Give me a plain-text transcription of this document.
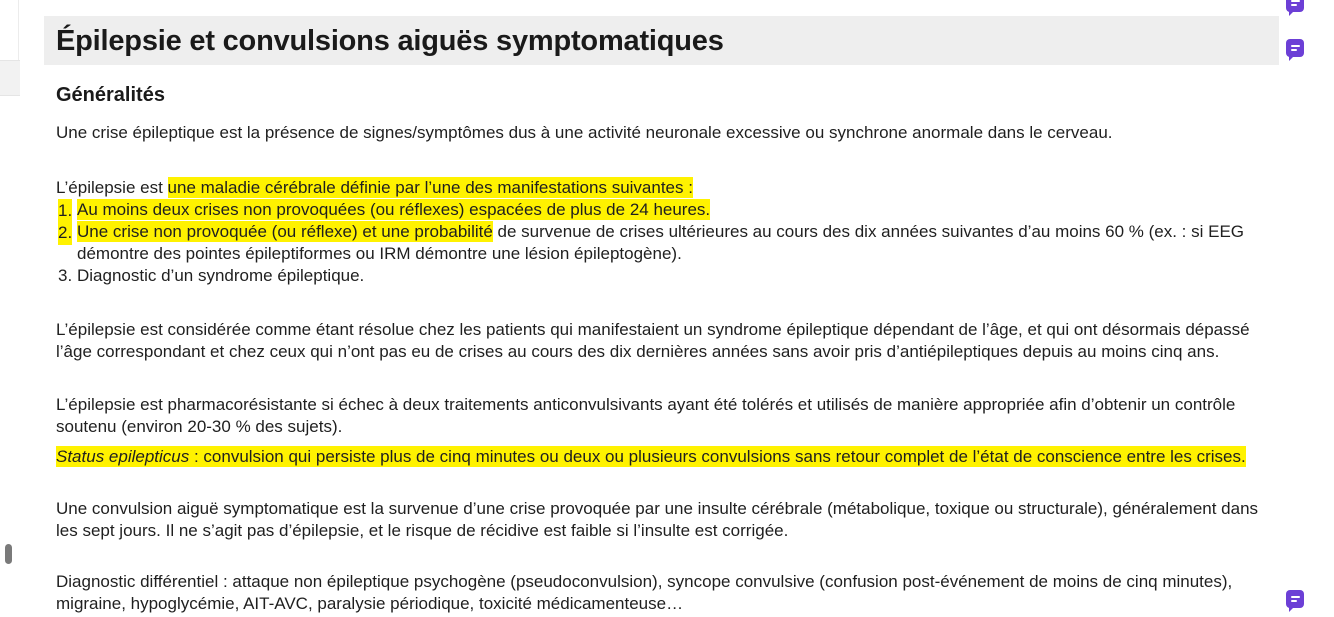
Épilepsie et convulsions aiguës symptomatiques
Généralités

Une crise épileptique est la présence de signes/symptômes dus à une activité neuronale excessive ou synchrone anormale dans le cerveau.

L’épilepsie est une maladie cérébrale définie par l’une des manifestations suivantes :

1. Au moins deux crises non provoquées (ou réflexes) espacées de plus de 24 heures.
2. Une crise non provoquée (ou réflexe) et une probabilité de survenue de crises ultérieures au cours des dix années suivantes d’au moins 60 % (ex. : si EEG démontre des pointes épileptiformes ou IRM démontre une lésion épileptogène).
3. Diagnostic d’un syndrome épileptique.

L’épilepsie est considérée comme étant résolue chez les patients qui manifestaient un syndrome épileptique dépendant de l’âge, et qui ont désormais dépassé l’âge correspondant et chez ceux qui n’ont pas eu de crises au cours des dix dernières années sans avoir pris d’antiépileptiques depuis au moins cinq ans.

L’épilepsie est pharmacorésistante si échec à deux traitements anticonvulsivants ayant été tolérés et utilisés de manière appropriée afin d’obtenir un contrôle soutenu (environ 20-30 % des sujets).

Status epilepticus : convulsion qui persiste plus de cinq minutes ou deux ou plusieurs convulsions sans retour complet de l’état de conscience entre les crises.

Une convulsion aiguë symptomatique est la survenue d’une crise provoquée par une insulte cérébrale (métabolique, toxique ou structurale), généralement dans les sept jours. Il ne s’agit pas d’épilepsie, et le risque de récidive est faible si l’insulte est corrigée.

Diagnostic différentiel : attaque non épileptique psychogène (pseudoconvulsion), syncope convulsive (confusion post-événement de moins de cinq minutes), migraine, hypoglycémie, AIT-AVC, paralysie périodique, toxicité médicamenteuse…
